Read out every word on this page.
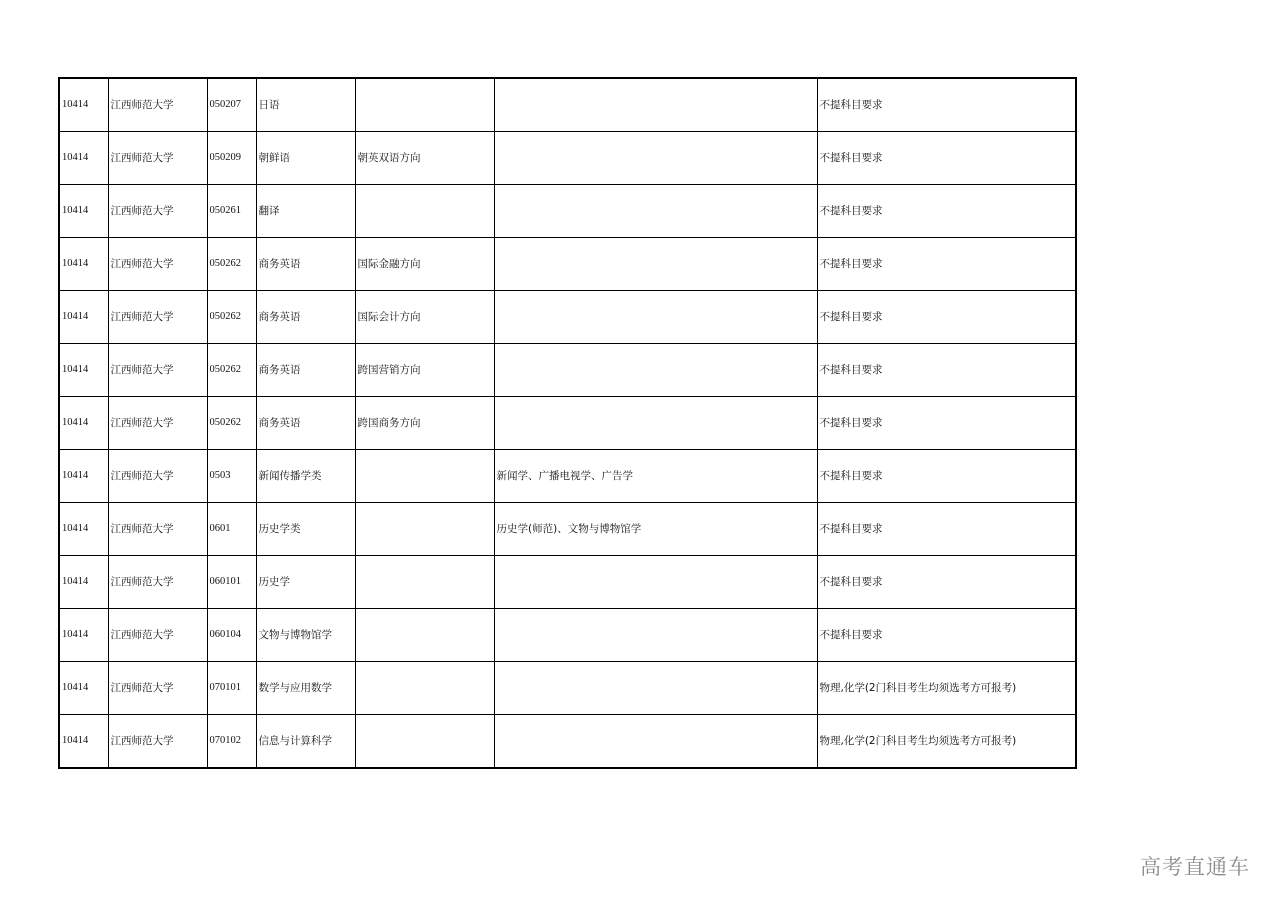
10414	江西师范大学	050207	日语			不提科目要求
10414	江西师范大学	050209	朝鲜语	朝英双语方向		不提科目要求
10414	江西师范大学	050261	翻译			不提科目要求
10414	江西师范大学	050262	商务英语	国际金融方向		不提科目要求
10414	江西师范大学	050262	商务英语	国际会计方向		不提科目要求
10414	江西师范大学	050262	商务英语	跨国营销方向		不提科目要求
10414	江西师范大学	050262	商务英语	跨国商务方向		不提科目要求
10414	江西师范大学	0503	新闻传播学类		新闻学、广播电视学、广告学	不提科目要求
10414	江西师范大学	0601	历史学类		历史学(师范)、文物与博物馆学	不提科目要求
10414	江西师范大学	060101	历史学			不提科目要求
10414	江西师范大学	060104	文物与博物馆学			不提科目要求
10414	江西师范大学	070101	数学与应用数学			物理,化学(2门科目考生均须选考方可报考)
10414	江西师范大学	070102	信息与计算科学			物理,化学(2门科目考生均须选考方可报考)
高考直通车
